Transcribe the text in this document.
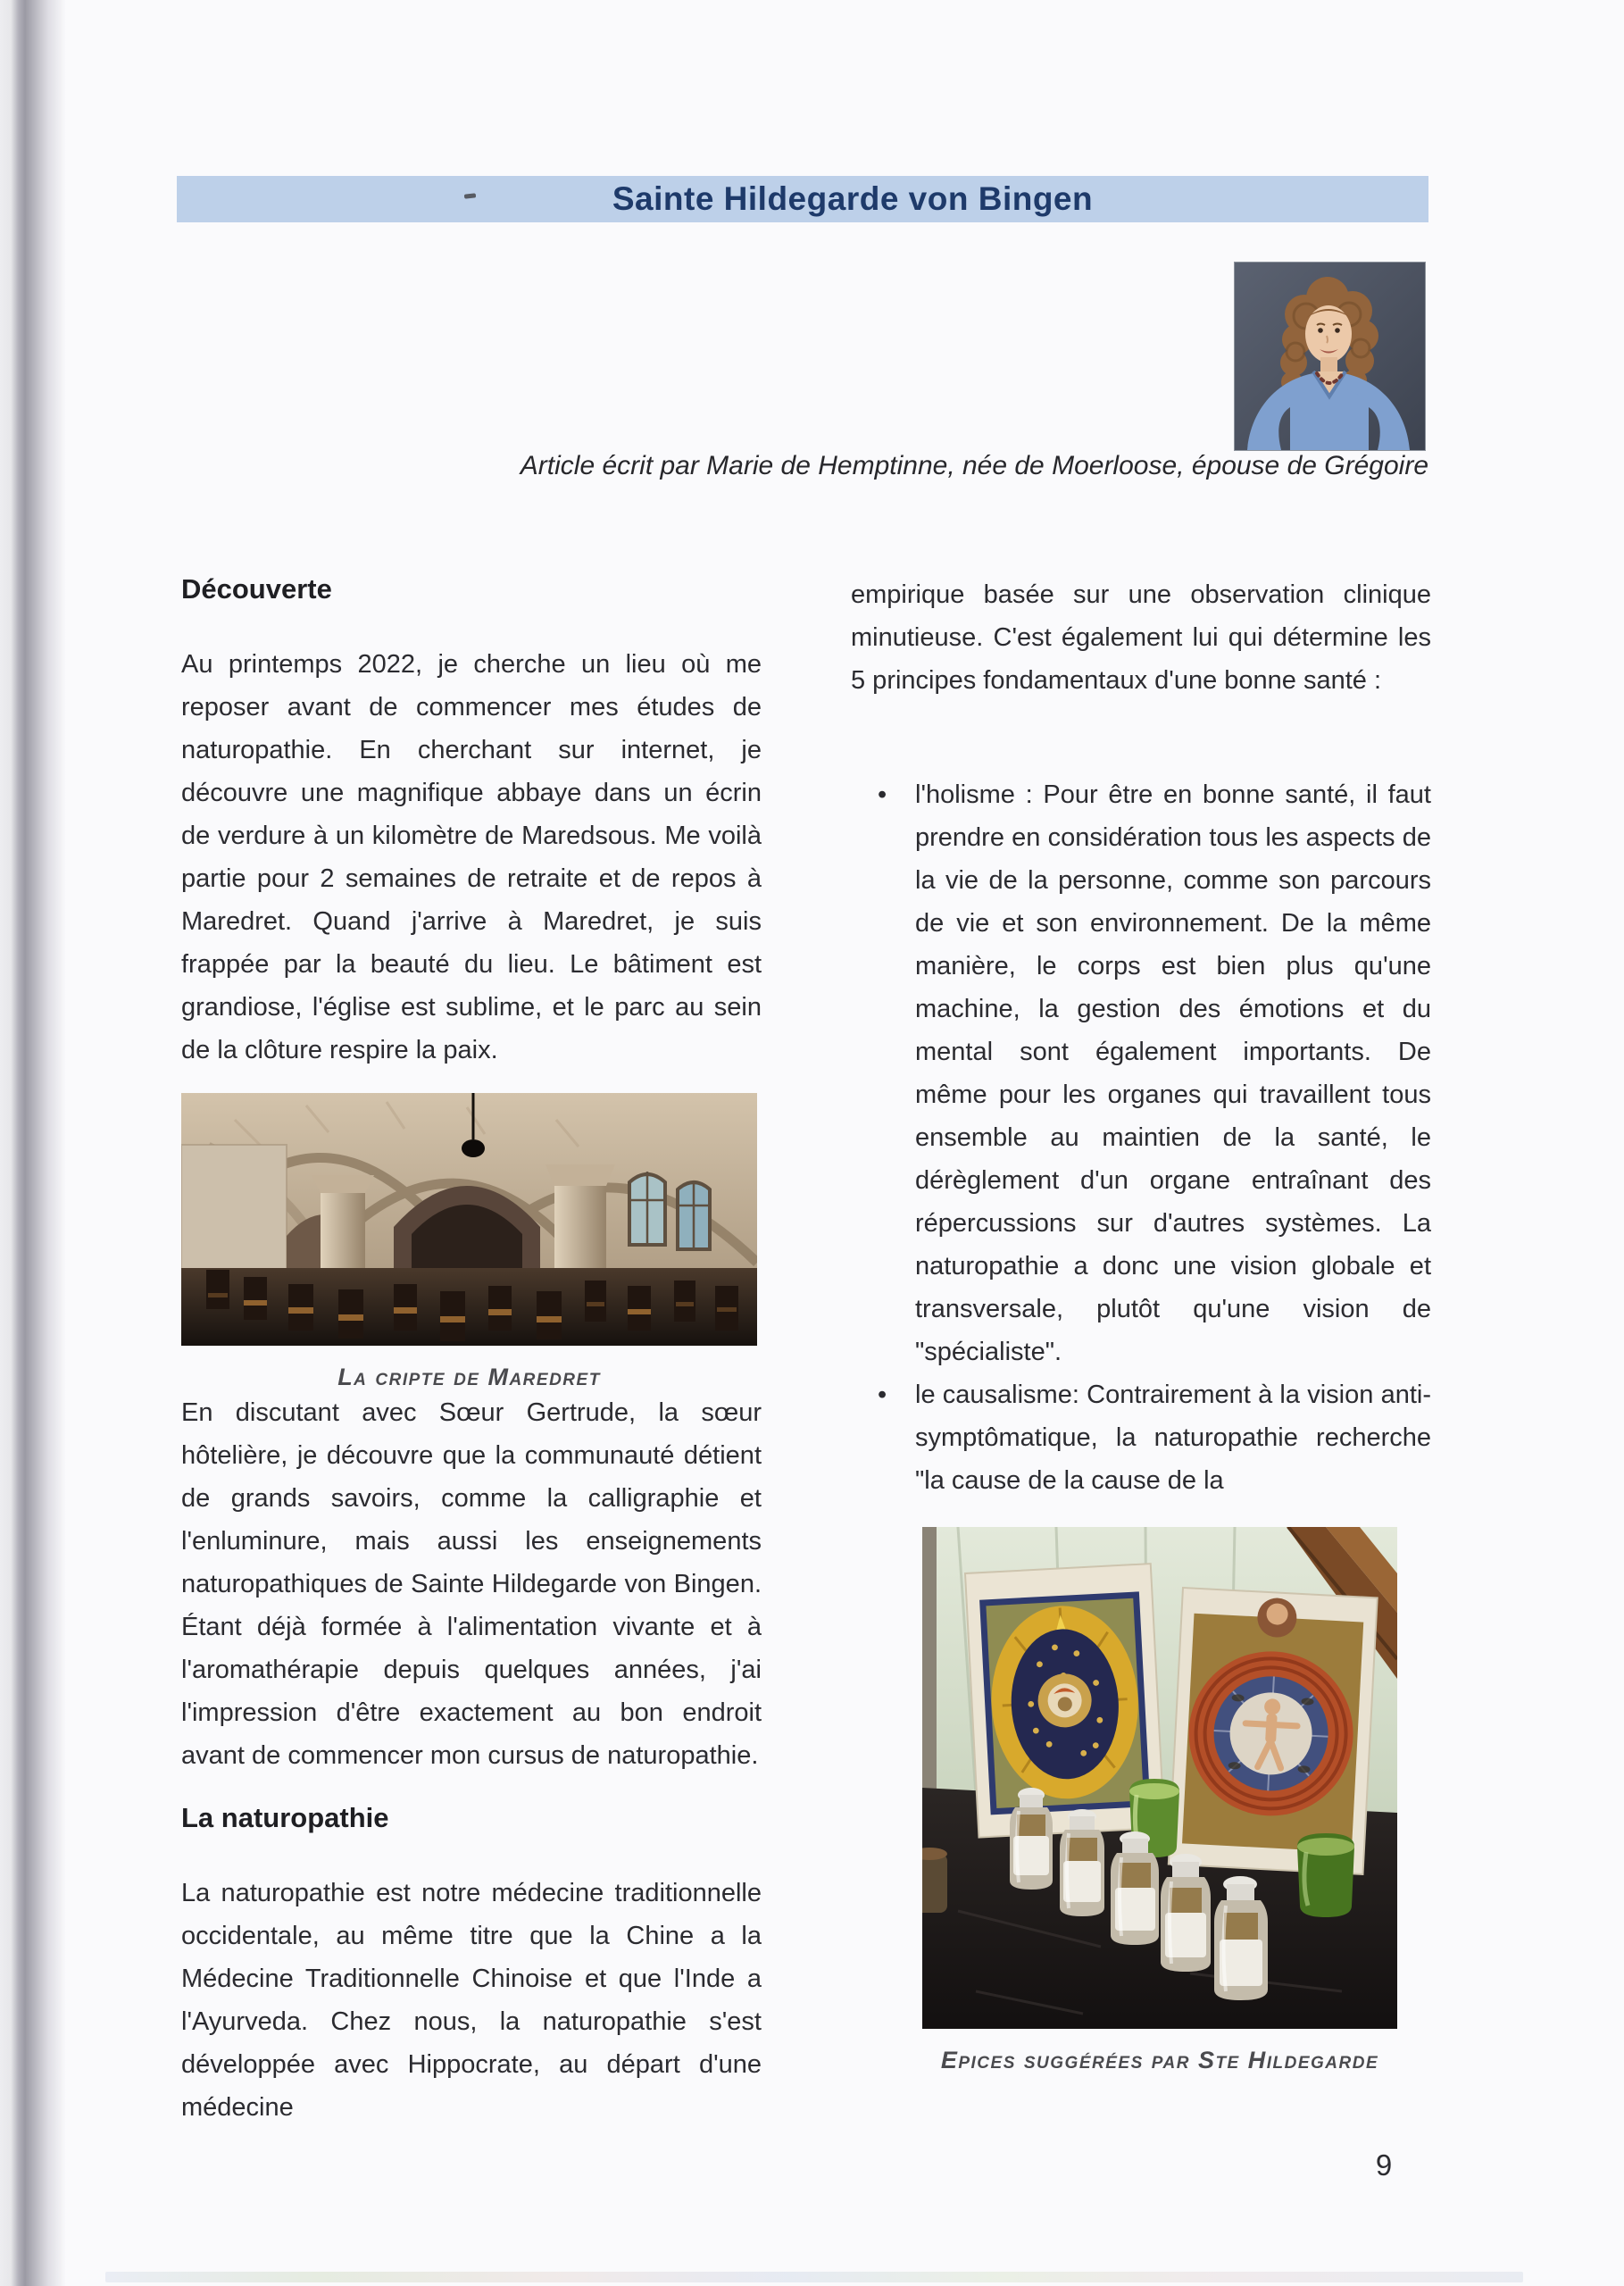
Sainte Hildegarde von Bingen
Article écrit par Marie de Hemptinne, née de Moerloose, épouse de Grégoire
Découverte

Au printemps 2022, je cherche un lieu où me reposer avant de commencer mes études de naturopathie. En cherchant sur internet, je découvre une magnifique abbaye dans un écrin de verdure à un kilomètre de Maredsous. Me voilà partie pour 2 semaines de retraite et de repos à Maredret. Quand j'arrive à Maredret, je suis frappée par la beauté du lieu. Le bâtiment est grandiose, l'église est sublime, et le parc au sein de la clôture respire la paix.

La cripte de Maredret

En discutant avec Sœur Gertrude, la sœur hôtelière, je découvre que la communauté détient de grands savoirs, comme la calligraphie et l'enluminure, mais aussi les enseignements naturopathiques de Sainte Hildegarde von Bingen. Étant déjà formée à l'alimentation vivante et à l'aromathérapie depuis quelques années, j'ai l'impression d'être exactement au bon endroit avant de commencer mon cursus de naturopathie.

La naturopathie

La naturopathie est notre médecine traditionnelle occidentale, au même titre que la Chine a la Médecine Traditionnelle Chinoise et que l'Inde a l'Ayurveda. Chez nous, la naturopathie s'est développée avec Hippocrate, au départ d'une médecine

empirique basée sur une observation clinique minutieuse. C'est également lui qui détermine les 5 principes fondamentaux d'une bonne santé :

•	l'holisme : Pour être en bonne santé, il faut prendre en considération tous les aspects de la vie de la personne, comme son parcours de vie et son environnement. De la même manière, le corps est bien plus qu'une machine, la gestion des émotions et du mental sont également importants. De même pour les organes qui travaillent tous ensemble au maintien de la santé, le dérèglement d'un organe entraînant des répercussions sur d'autres systèmes. La naturopathie a donc une vision globale et transversale, plutôt qu'une vision de "spécialiste".
•	le causalisme: Contrairement à la vision anti-symptômatique, la naturopathie recherche "la cause de la cause de la
Epices suggérées par Ste Hildegarde
9
